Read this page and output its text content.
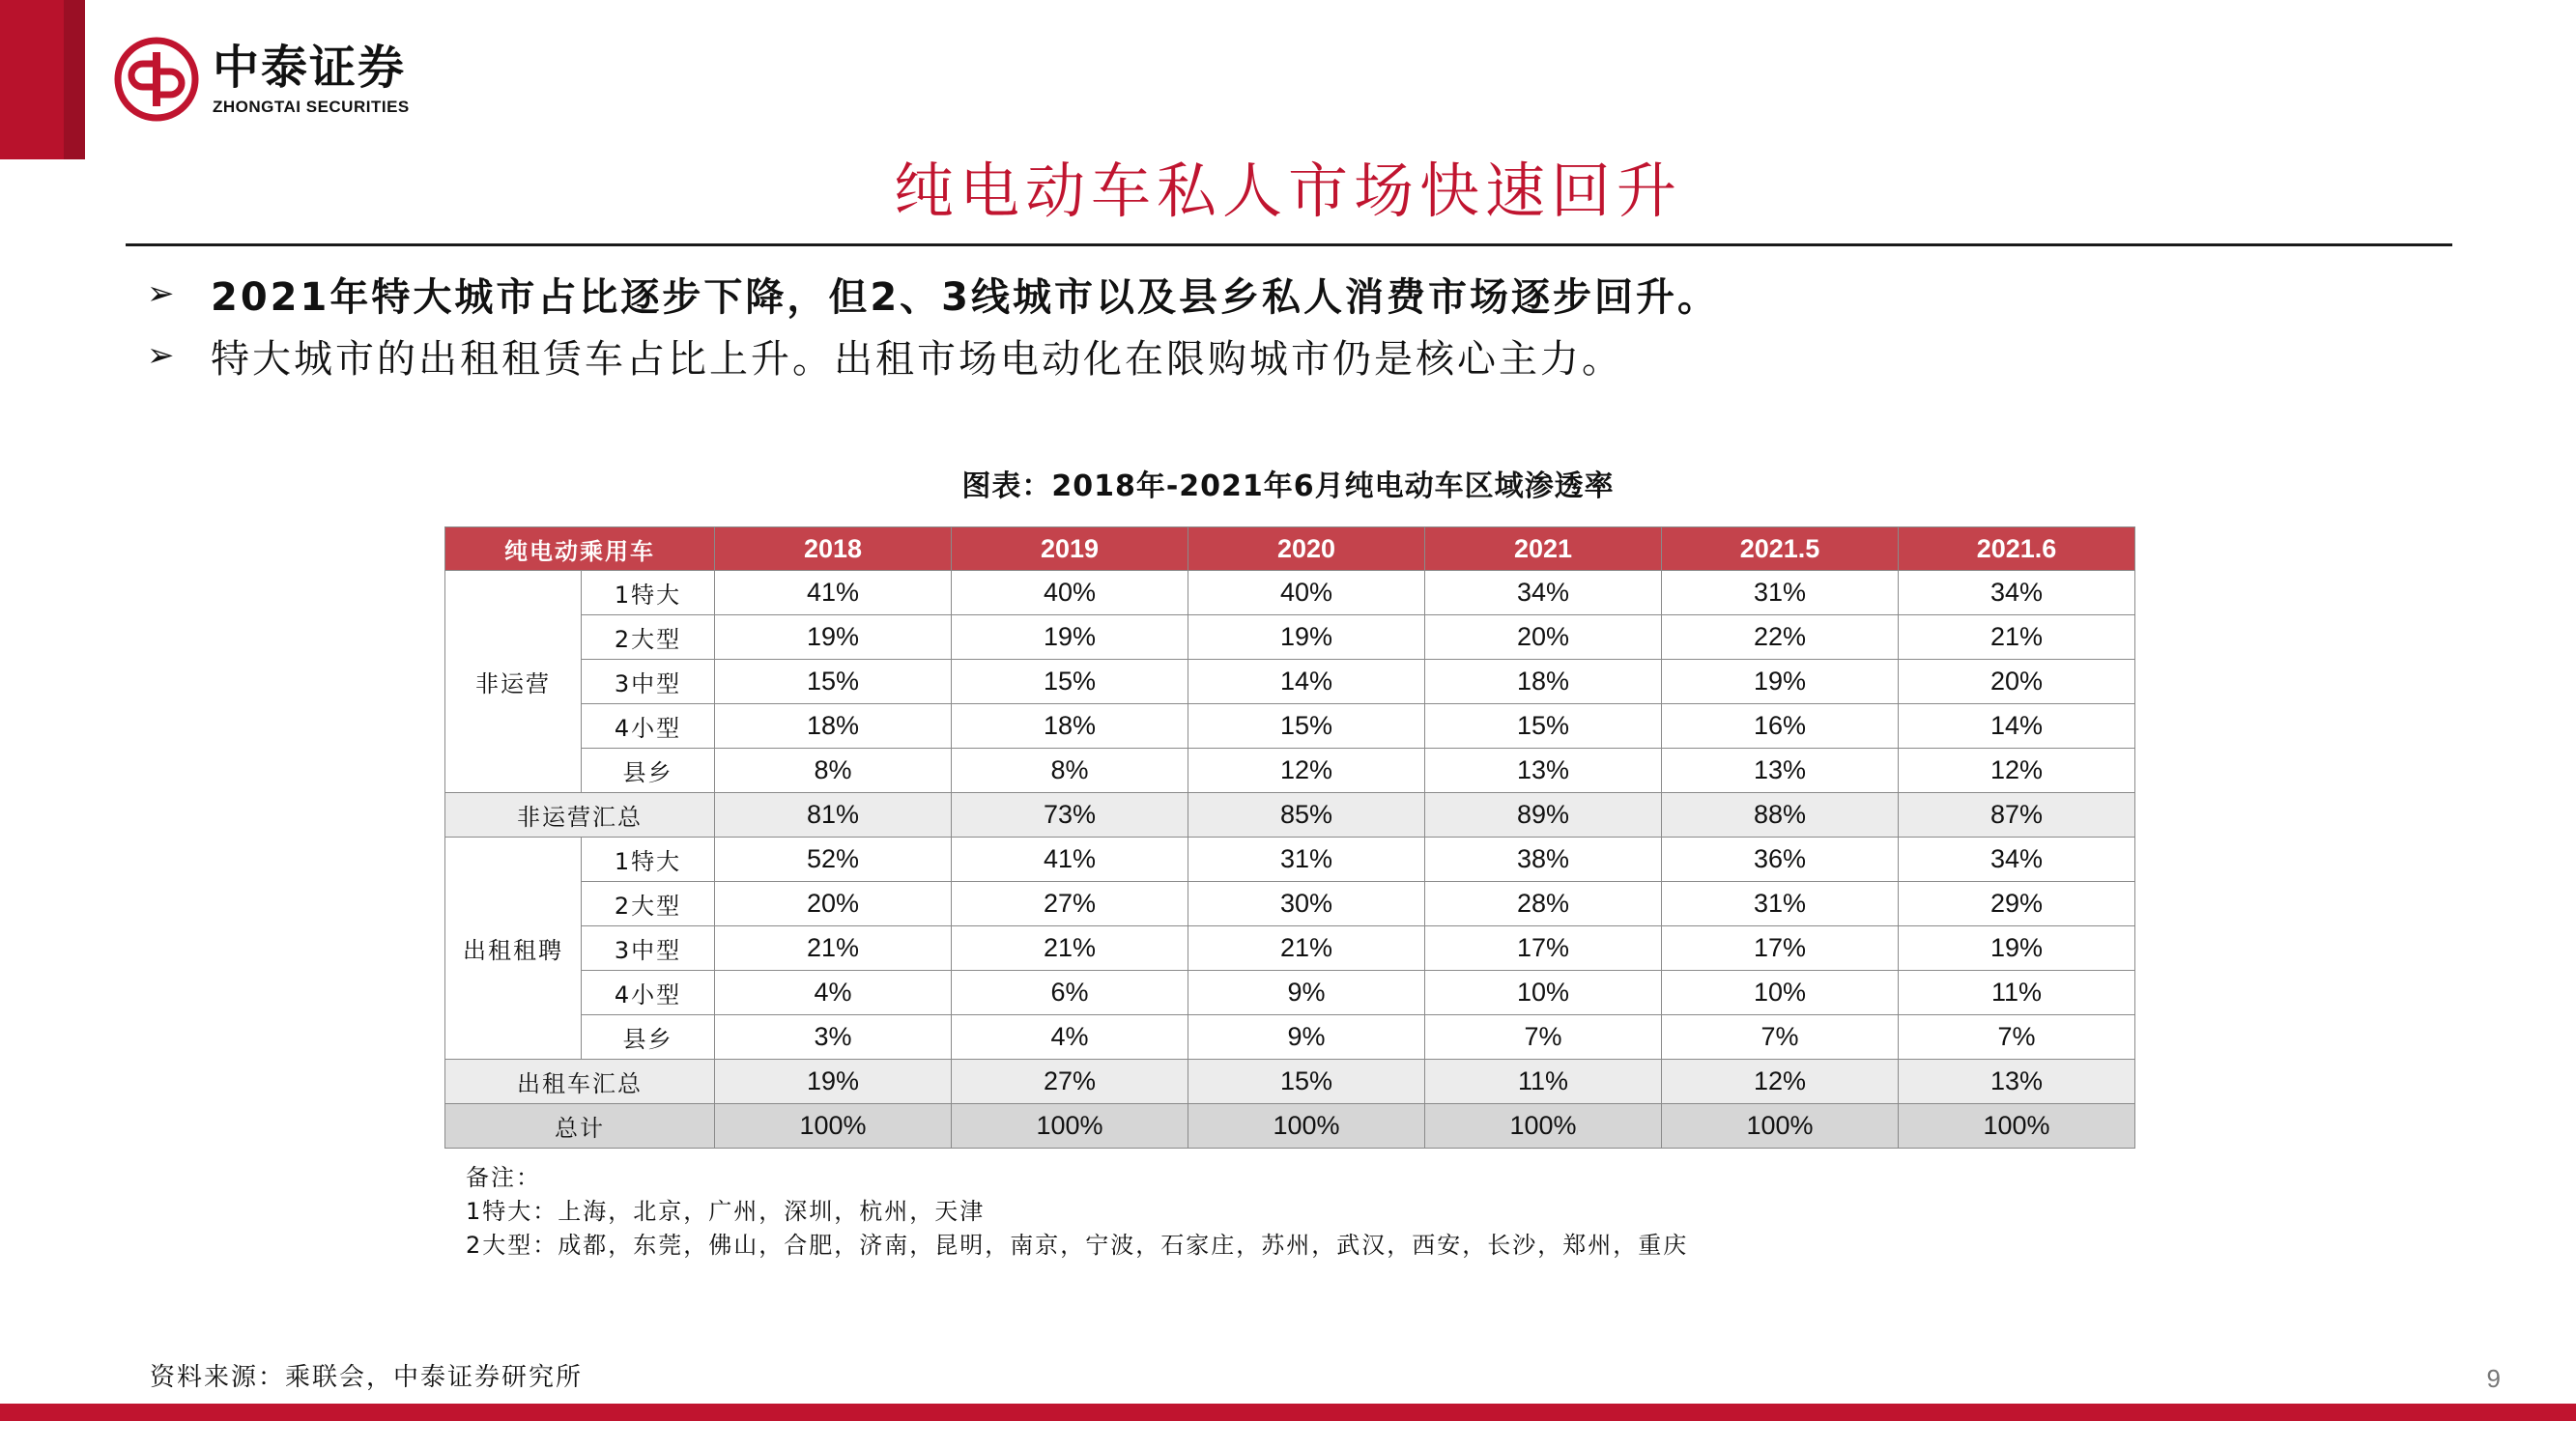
中泰证券
ZHONGTAI SECURITIES
纯电动车私人市场快速回升
➢ 2021年特大城市占比逐步下降，但2、3线城市以及县乡私人消费市场逐步回升。
➢ 特大城市的出租租赁车占比上升。出租市场电动化在限购城市仍是核心主力。
图表：2018年-2021年6月纯电动车区域渗透率
纯电动乘用车		2018	2019	2020	2021	2021.5	2021.6
非运营	1特大	41%	40%	40%	34%	31%	34%
	2大型	19%	19%	19%	20%	22%	21%
	3中型	15%	15%	14%	18%	19%	20%
	4小型	18%	18%	15%	15%	16%	14%
	县乡	8%	8%	12%	13%	13%	12%
非运营汇总		81%	73%	85%	89%	88%	87%
出租租聘	1特大	52%	41%	31%	38%	36%	34%
	2大型	20%	27%	30%	28%	31%	29%
	3中型	21%	21%	21%	17%	17%	19%
	4小型	4%	6%	9%	10%	10%	11%
	县乡	3%	4%	9%	7%	7%	7%
出租车汇总		19%	27%	15%	11%	12%	13%
总计		100%	100%	100%	100%	100%	100%
备注：
1特大：上海，北京，广州，深圳，杭州，天津
2大型：成都，东莞，佛山，合肥，济南，昆明，南京，宁波，石家庄，苏州，武汉，西安，长沙，郑州，重庆
资料来源：乘联会，中泰证券研究所	9
